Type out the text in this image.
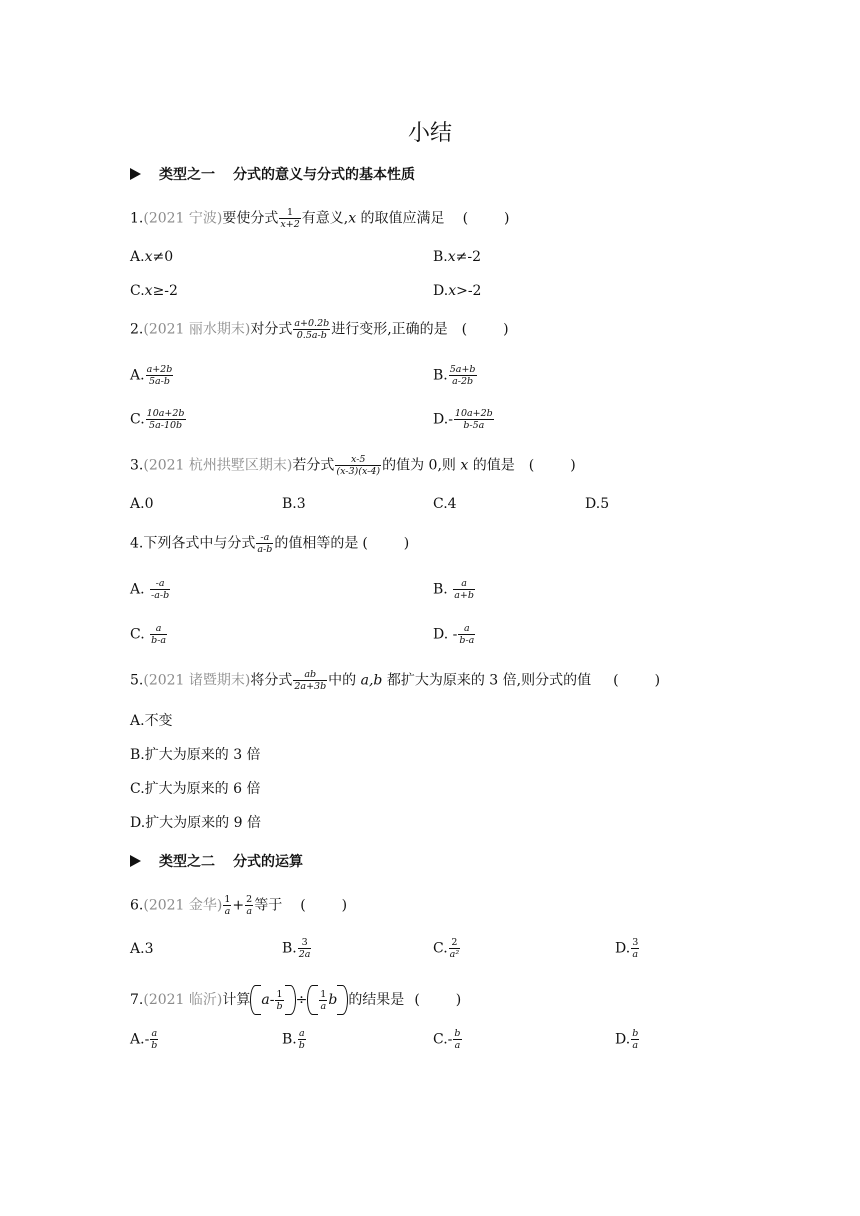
小结
类型之一 分式的意义与分式的基本性质
1.(2021 宁波)要使分式 $\frac{1}{x+2}$ 有意义,x 的取值应满足 (	)
A.x≠0	B.x≠-2
C.x≥-2	D.x>-2
2.(2021 丽水期末)对分式 $\frac{a+0.2b}{0.5a-b}$ 进行变形,正确的是 (	)
A. $\frac{a+2b}{5a-b}$	B. $\frac{5a+b}{a-2b}$
C. $\frac{10a+2b}{5a-10b}$	$D.- \frac{10a+2b}{b-5a}$
3.(2021 杭州拱墅区期末)若分式 $\frac{x-5}{(x-3)(x-4)}$ 的值为 0,则 x 的值是 (	)
A.0	B.3	C.4	D.5
4.下列各式中与分式 $\frac{-a}{a-b}$ 的值相等的是 (	)
A. $\frac{-a}{-a-b}$	B. $\frac{a}{a+b}$
C. $\frac{a}{b-a}$	D. - $\frac{a}{b-a}$
5.(2021 诸暨期末)将分式 $\frac{ab}{2a+3b}$ 中的 a,b 都扩大为原来的 3 倍,则分式的值 (	)
A.不变
B.扩大为原来的 3 倍
C.扩大为原来的 6 倍
D.扩大为原来的 9 倍
类型之二 分式的运算
6.(2021 金华) $\frac{1}{a} + \frac{2}{a}$ 等于 (	)
A.3	B. $\frac{3}{2a}$	C. $\frac{2}{\text{a²}}$	D. $\frac{3}{a}$
7.(2021 临沂)计算 $a- \frac{1}{b} \div \frac{1}{a}$ b 的结果是 (	)
$A.- \frac{a}{b}$	B. $\frac{a}{b}$	$C.- \frac{b}{a}$	D. $\frac{b}{a}$
